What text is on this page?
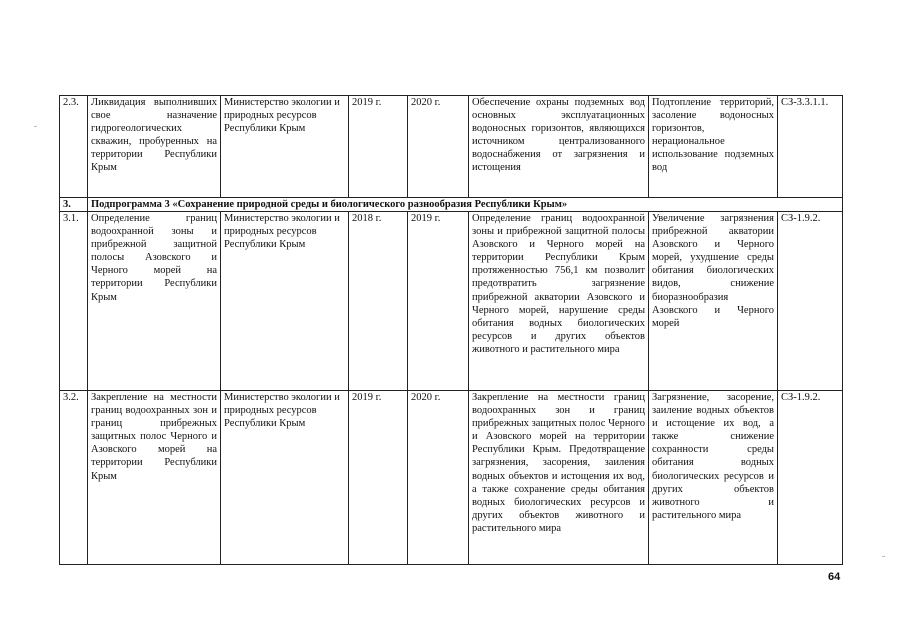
2.3.	Ликвидация выполнивших свое назначение гидрогеологических скважин, пробуренных на территории Республики Крым	Министерство экологии и природных ресурсов Республики Крым	2019 г.	2020 г.	Обеспечение охраны подземных вод основных эксплуатационных водоносных горизонтов, являющихся источником централизованного водоснабжения от загрязнения и истощения	Подтопление территорий, засоление водоносных горизонтов, нерациональное использование подземных вод	СЗ-3.3.1.1.
3.	Подпрограмма 3 «Сохранение природной среды и биологического разнообразия Республики Крым»						
3.1.	Определение границ водоохранной зоны и прибрежной защитной полосы Азовского и Черного морей на территории Республики Крым	Министерство экологии и природных ресурсов Республики Крым	2018 г.	2019 г.	Определение границ водоохранной зоны и прибрежной защитной полосы Азовского и Черного морей на территории Республики Крым протяженностью 756,1 км позволит предотвратить загрязнение прибрежной акватории Азовского и Черного морей, нарушение среды обитания водных биологических ресурсов и других объектов животного и растительного мира	Увеличение загрязнения прибрежной акватории Азовского и Черного морей, ухудшение среды обитания биологических видов, снижение биоразнообразия Азовского и Черного морей	СЗ-1.9.2.
3.2.	Закрепление на местности границ водоохранных зон и границ прибрежных защитных полос Черного и Азовского морей на территории Республики Крым	Министерство экологии и природных ресурсов Республики Крым	2019 г.	2020 г.	Закрепление на местности границ водоохранных зон и границ прибрежных защитных полос Черного и Азовского морей на территории Республики Крым. Предотвращение загрязнения, засорения, заиления водных объектов и истощения их вод, а также сохранение среды обитания водных биологических ресурсов и других объектов животного и растительного мира	Загрязнение, засорение, заиление водных объектов и истощение их вод, а также снижение сохранности среды обитания водных биологических ресурсов и других объектов животного и растительного мира	СЗ-1.9.2.
64
